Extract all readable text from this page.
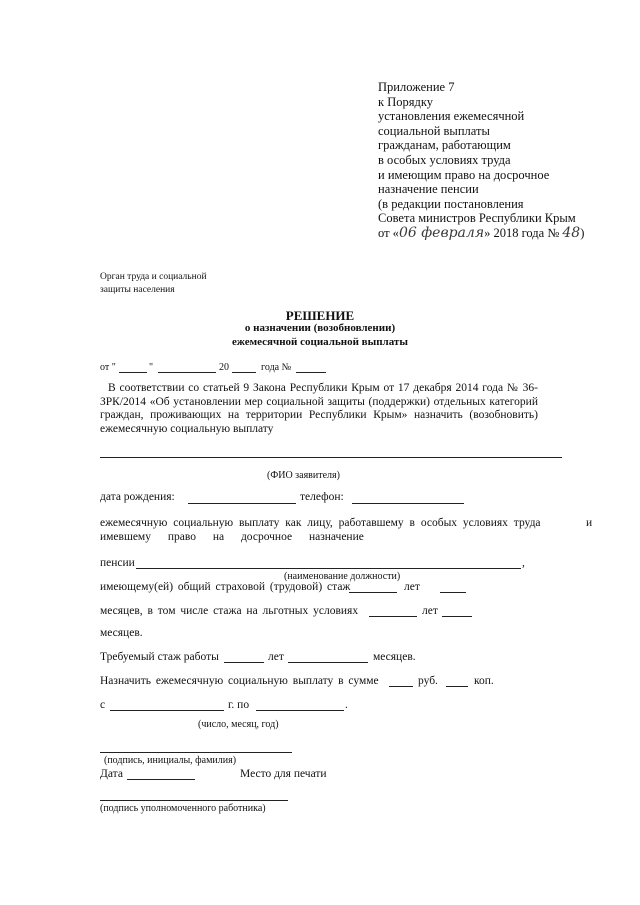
Приложение 7
к Порядку
установления ежемесячной
социальной выплаты
гражданам, работающим
в особых условиях труда
и имеющим право на досрочное
назначение пенсии
(в редакции постановления
Совета министров Республики Крым
от «06 февраля» 2018 года № 48)
Орган труда и социальной
защиты населения
РЕШЕНИЕ
о назначении (возобновлении)
ежемесячной социальной выплаты
от "	"	20	года №
В соответствии со статьей 9 Закона Республики Крым от 17 декабря 2014 года № 36-ЗРК/2014 «Об установлении мер социальной защиты (поддержки) отдельных категорий граждан, проживающих на территории Республики Крым» назначить (возобновить) ежемесячную социальную выплату
(ФИО заявителя)
дата рождения:	телефон:
ежемесячную социальную выплату как лицу, работавшему в особых условиях труда	и
имевшему право на досрочное назначение
пенсии	,
(наименование должности)
имеющему(ей) общий страховой (трудовой) стаж	лет
месяцев, в том числе стажа на льготных условиях	лет
месяцев.
Требуемый стаж работы	лет	месяцев.
Назначить ежемесячную социальную выплату в сумме	руб.	коп.
с	г. по	.
(число, месяц, год)
(подпись, инициалы, фамилия)
Дата	Место для печати
(подпись уполномоченного работника)
